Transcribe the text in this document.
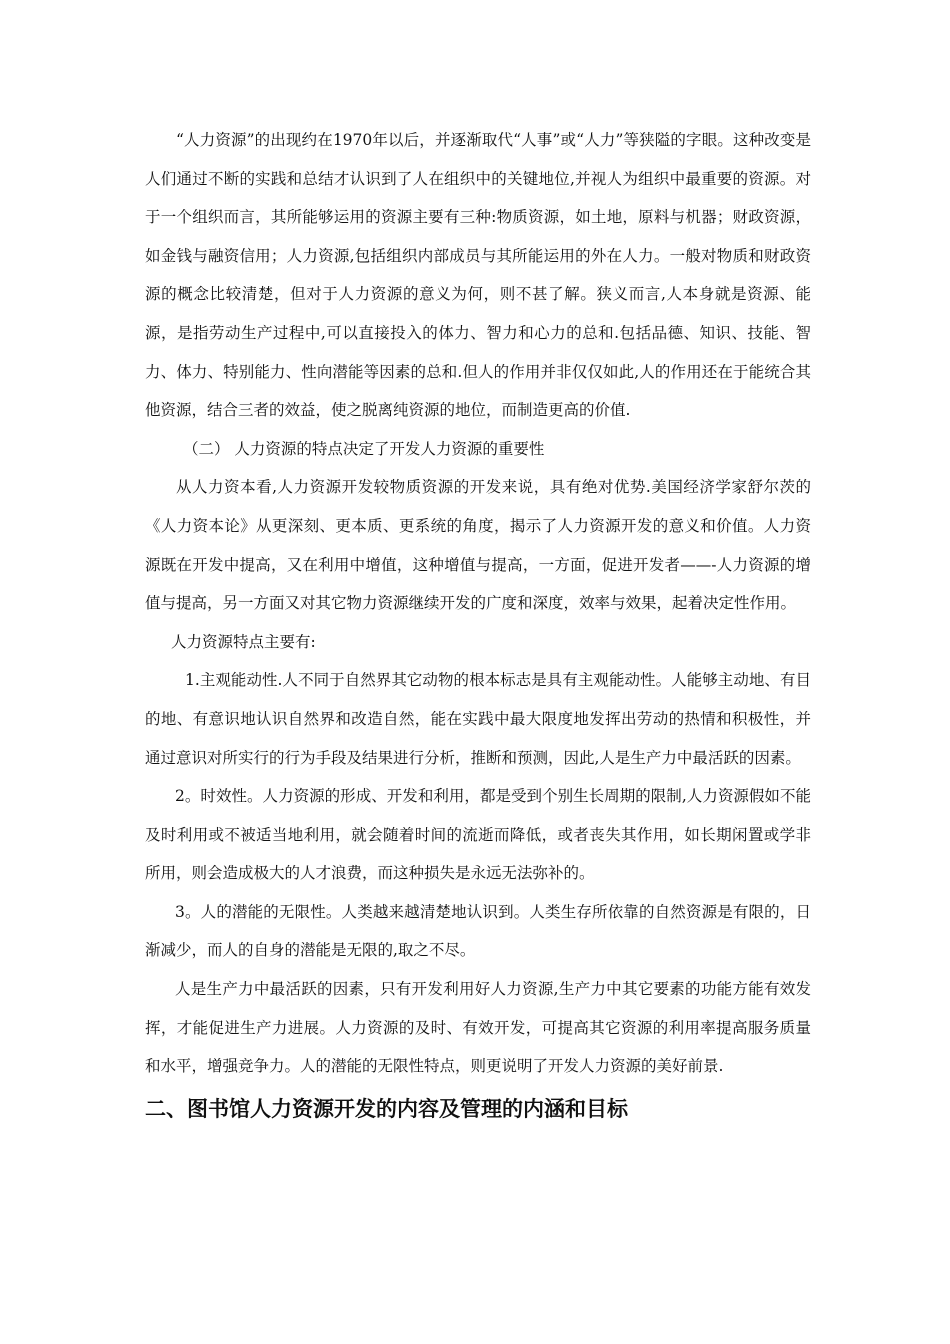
“人力资源”的出现约在1970年以后，并逐渐取代“人事”或“人力”等狭隘的字眼。这种改变是人们通过不断的实践和总结才认识到了人在组织中的关键地位,并视人为组织中最重要的资源。对于一个组织而言，其所能够运用的资源主要有三种:物质资源，如土地，原料与机器；财政资源，如金钱与融资信用；人力资源,包括组织内部成员与其所能运用的外在人力。一般对物质和财政资源的概念比较清楚，但对于人力资源的意义为何，则不甚了解。狭义而言,人本身就是资源、能源，是指劳动生产过程中,可以直接投入的体力、智力和心力的总和.包括品德、知识、技能、智力、体力、特别能力、性向潜能等因素的总和.但人的作用并非仅仅如此,人的作用还在于能统合其他资源，结合三者的效益，使之脱离纯资源的地位，而制造更高的价值.

（二） 人力资源的特点决定了开发人力资源的重要性

从人力资本看,人力资源开发较物质资源的开发来说，具有绝对优势.美国经济学家舒尔茨的《人力资本论》从更深刻、更本质、更系统的角度，揭示了人力资源开发的意义和价值。人力资源既在开发中提高，又在利用中增值，这种增值与提高，一方面，促进开发者——-人力资源的增值与提高，另一方面又对其它物力资源继续开发的广度和深度，效率与效果，起着决定性作用。

人力资源特点主要有:

1.主观能动性.人不同于自然界其它动物的根本标志是具有主观能动性。人能够主动地、有目的地、有意识地认识自然界和改造自然，能在实践中最大限度地发挥出劳动的热情和积极性，并通过意识对所实行的行为手段及结果进行分析，推断和预测，因此,人是生产力中最活跃的因素。

2。时效性。人力资源的形成、开发和利用，都是受到个别生长周期的限制,人力资源假如不能及时利用或不被适当地利用，就会随着时间的流逝而降低，或者丧失其作用，如长期闲置或学非所用，则会造成极大的人才浪费，而这种损失是永远无法弥补的。

3。人的潜能的无限性。人类越来越清楚地认识到。人类生存所依靠的自然资源是有限的，日渐减少，而人的自身的潜能是无限的,取之不尽。

人是生产力中最活跃的因素，只有开发利用好人力资源,生产力中其它要素的功能方能有效发挥，才能促进生产力进展。人力资源的及时、有效开发，可提高其它资源的利用率提高服务质量和水平，增强竞争力。人的潜能的无限性特点，则更说明了开发人力资源的美好前景.

二、图书馆人力资源开发的内容及管理的内涵和目标
